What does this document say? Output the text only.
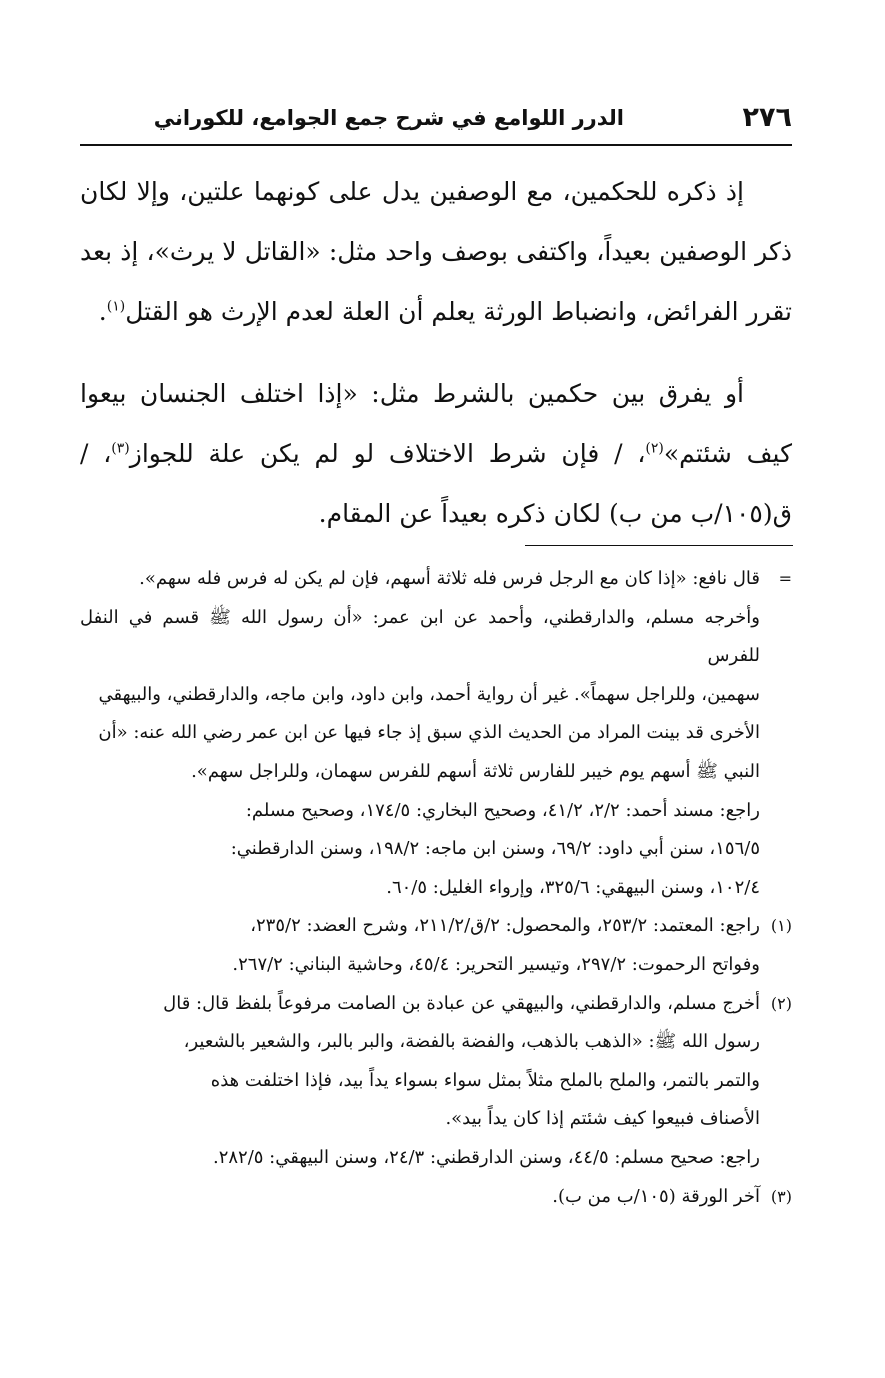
٢٧٦
الدرر اللوامع في شرح جمع الجوامع، للكوراني

إذ ذكره للحكمين، مع الوصفين يدل على كونهما علتين، وإلا لكان ذكر الوصفين بعيداً، واكتفى بوصف واحد مثل: «القاتل لا يرث»، إذ بعد تقرر الفرائض، وانضباط الورثة يعلم أن العلة لعدم الإرث هو القتل$^{(١)}$.

أو يفرق بين حكمين بالشرط مثل: «إذا اختلف الجنسان بيعوا كيف شئتم»$^{(٢)}$، / فإن شرط الاختلاف لو لم يكن علة للجواز$^{(٣)}$، / ق(١٠٥/ب من ب) لكان ذكره بعيداً عن المقام.

=
قال نافع: «إذا كان مع الرجل فرس فله ثلاثة أسهم، فإن لم يكن له فرس فله سهم».
وأخرجه مسلم، والدارقطني، وأحمد عن ابن عمر: «أن رسول الله ﷺ قسم في النفل للفرس
سهمين، وللراجل سهماً». غير أن رواية أحمد، وابن داود، وابن ماجه، والدارقطني، والبيهقي
الأخرى قد بينت المراد من الحديث الذي سبق إذ جاء فيها عن ابن عمر رضي الله عنه: «أن
النبي ﷺ أسهم يوم خيبر للفارس ثلاثة أسهم للفرس سهمان، وللراجل سهم».
راجع: مسند أحمد: ٢/٢، ٤١/٢، وصحيح البخاري: ١٧٤/٥، وصحيح مسلم:
١٥٦/٥، سنن أبي داود: ٦٩/٢، وسنن ابن ماجه: ١٩٨/٢، وسنن الدارقطني:
١٠٢/٤، وسنن البيهقي: ٣٢٥/٦، وإرواء الغليل: ٦٠/٥.
(١)
راجع: المعتمد: ٢٥٣/٢، والمحصول: ٢/ق/٢١١/٢، وشرح العضد: ٢٣٥/٢،
وفواتح الرحموت: ٢٩٧/٢، وتيسير التحرير: ٤٥/٤، وحاشية البناني: ٢٦٧/٢.
(٢)
أخرج مسلم، والدارقطني، والبيهقي عن عبادة بن الصامت مرفوعاً بلفظ قال: قال
رسول الله ﷺ: «الذهب بالذهب، والفضة بالفضة، والبر بالبر، والشعير بالشعير،
والتمر بالتمر، والملح بالملح مثلاً بمثل سواء بسواء يداً بيد، فإذا اختلفت هذه
الأصناف فبيعوا كيف شئتم إذا كان يداً بيد».
راجع: صحيح مسلم: ٤٤/٥، وسنن الدارقطني: ٢٤/٣، وسنن البيهقي: ٢٨٢/٥.
(٣)
آخر الورقة (١٠٥/ب من ب).
